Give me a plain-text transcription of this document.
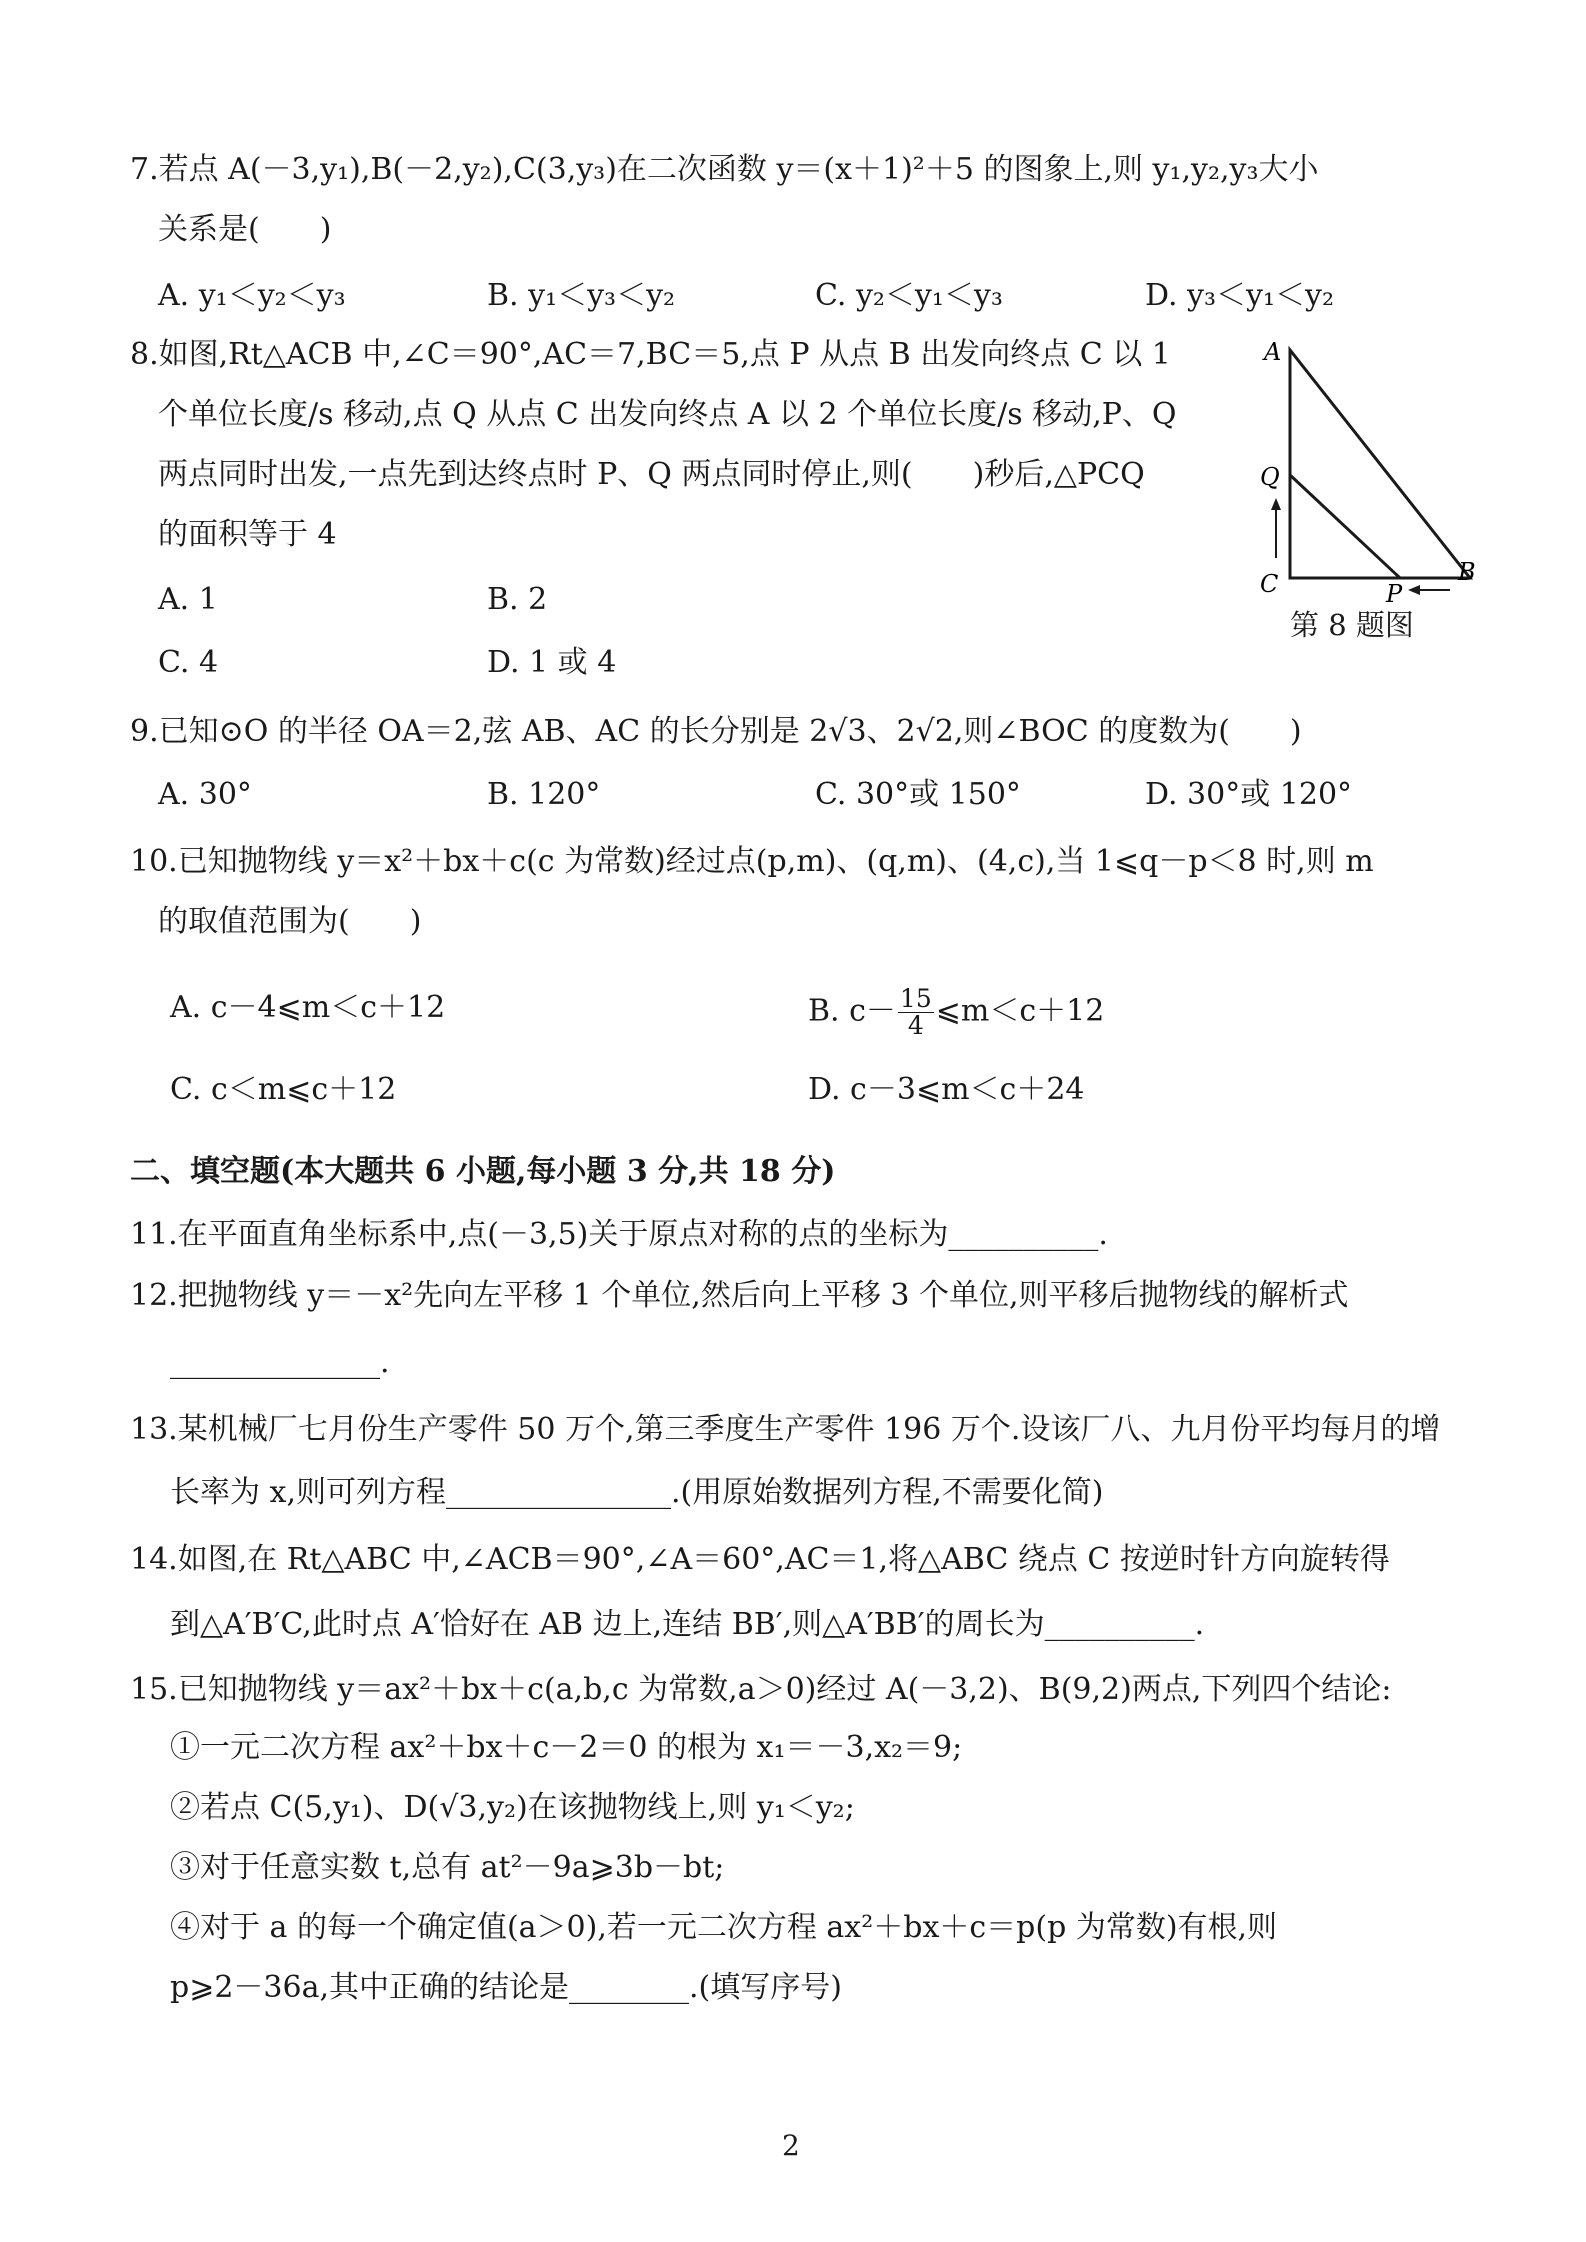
7.若点 A(－3,y₁),B(－2,y₂),C(3,y₃)在二次函数 y＝(x＋1)²＋5 的图象上,则 y₁,y₂,y₃大小
关系是(　　)
8.如图,Rt△ACB 中,∠C＝90°,AC＝7,BC＝5,点 P 从点 B 出发向终点 C 以 1
个单位长度/s 移动,点 Q 从点 C 出发向终点 A 以 2 个单位长度/s 移动,P、Q
两点同时出发,一点先到达终点时 P、Q 两点同时停止,则(　　)秒后,△PCQ
的面积等于 4
9.已知⊙O 的半径 OA＝2,弦 AB、AC 的长分别是 2√3、2√2,则∠BOC 的度数为(　　)
10.已知抛物线 y＝x²＋bx＋c(c 为常数)经过点(p,m)、(q,m)、(4,c),当 1⩽q－p＜8 时,则 m
的取值范围为(　　)
11.在平面直角坐标系中,点(－3,5)关于原点对称的点的坐标为__________.
12.把抛物线 y＝－x²先向左平移 1 个单位,然后向上平移 3 个单位,则平移后抛物线的解析式
______________.
13.某机械厂七月份生产零件 50 万个,第三季度生产零件 196 万个.设该厂八、九月份平均每月的增
长率为 x,则可列方程_______________.(用原始数据列方程,不需要化简)
14.如图,在 Rt△ABC 中,∠ACB＝90°,∠A＝60°,AC＝1,将△ABC 绕点 C 按逆时针方向旋转得
到△A′B′C,此时点 A′恰好在 AB 边上,连结 BB′,则△A′BB′的周长为__________.
15.已知抛物线 y＝ax²＋bx＋c(a,b,c 为常数,a＞0)经过 A(－3,2)、B(9,2)两点,下列四个结论:
①一元二次方程 ax²＋bx＋c－2＝0 的根为 x₁＝－3,x₂＝9;
②若点 C(5,y₁)、D(√3,y₂)在该抛物线上,则 y₁＜y₂;
③对于任意实数 t,总有 at²－9a⩾3b－bt;
④对于 a 的每一个确定值(a＞0),若一元二次方程 ax²＋bx＋c＝p(p 为常数)有根,则
p⩾2－36a,其中正确的结论是________.(填写序号)
A. y₁＜y₂＜y₃	B. y₁＜y₃＜y₂	C. y₂＜y₁＜y₃	D. y₃＜y₁＜y₂
A. 1	B. 2
C. 4	D. 1 或 4
A. 30°	B. 120°	C. 30°或 150°	D. 30°或 120°
A. c－4⩽m＜c＋12
C. c＜m⩽c＋12	D. c－3⩽m＜c＋24
B. $c- \frac{15}{4}$ ⩽m＜c＋12
二、填空题(本大题共 6 小题,每小题 3 分,共 18 分)
A
Q
C	P
B
第 8 题图
2
